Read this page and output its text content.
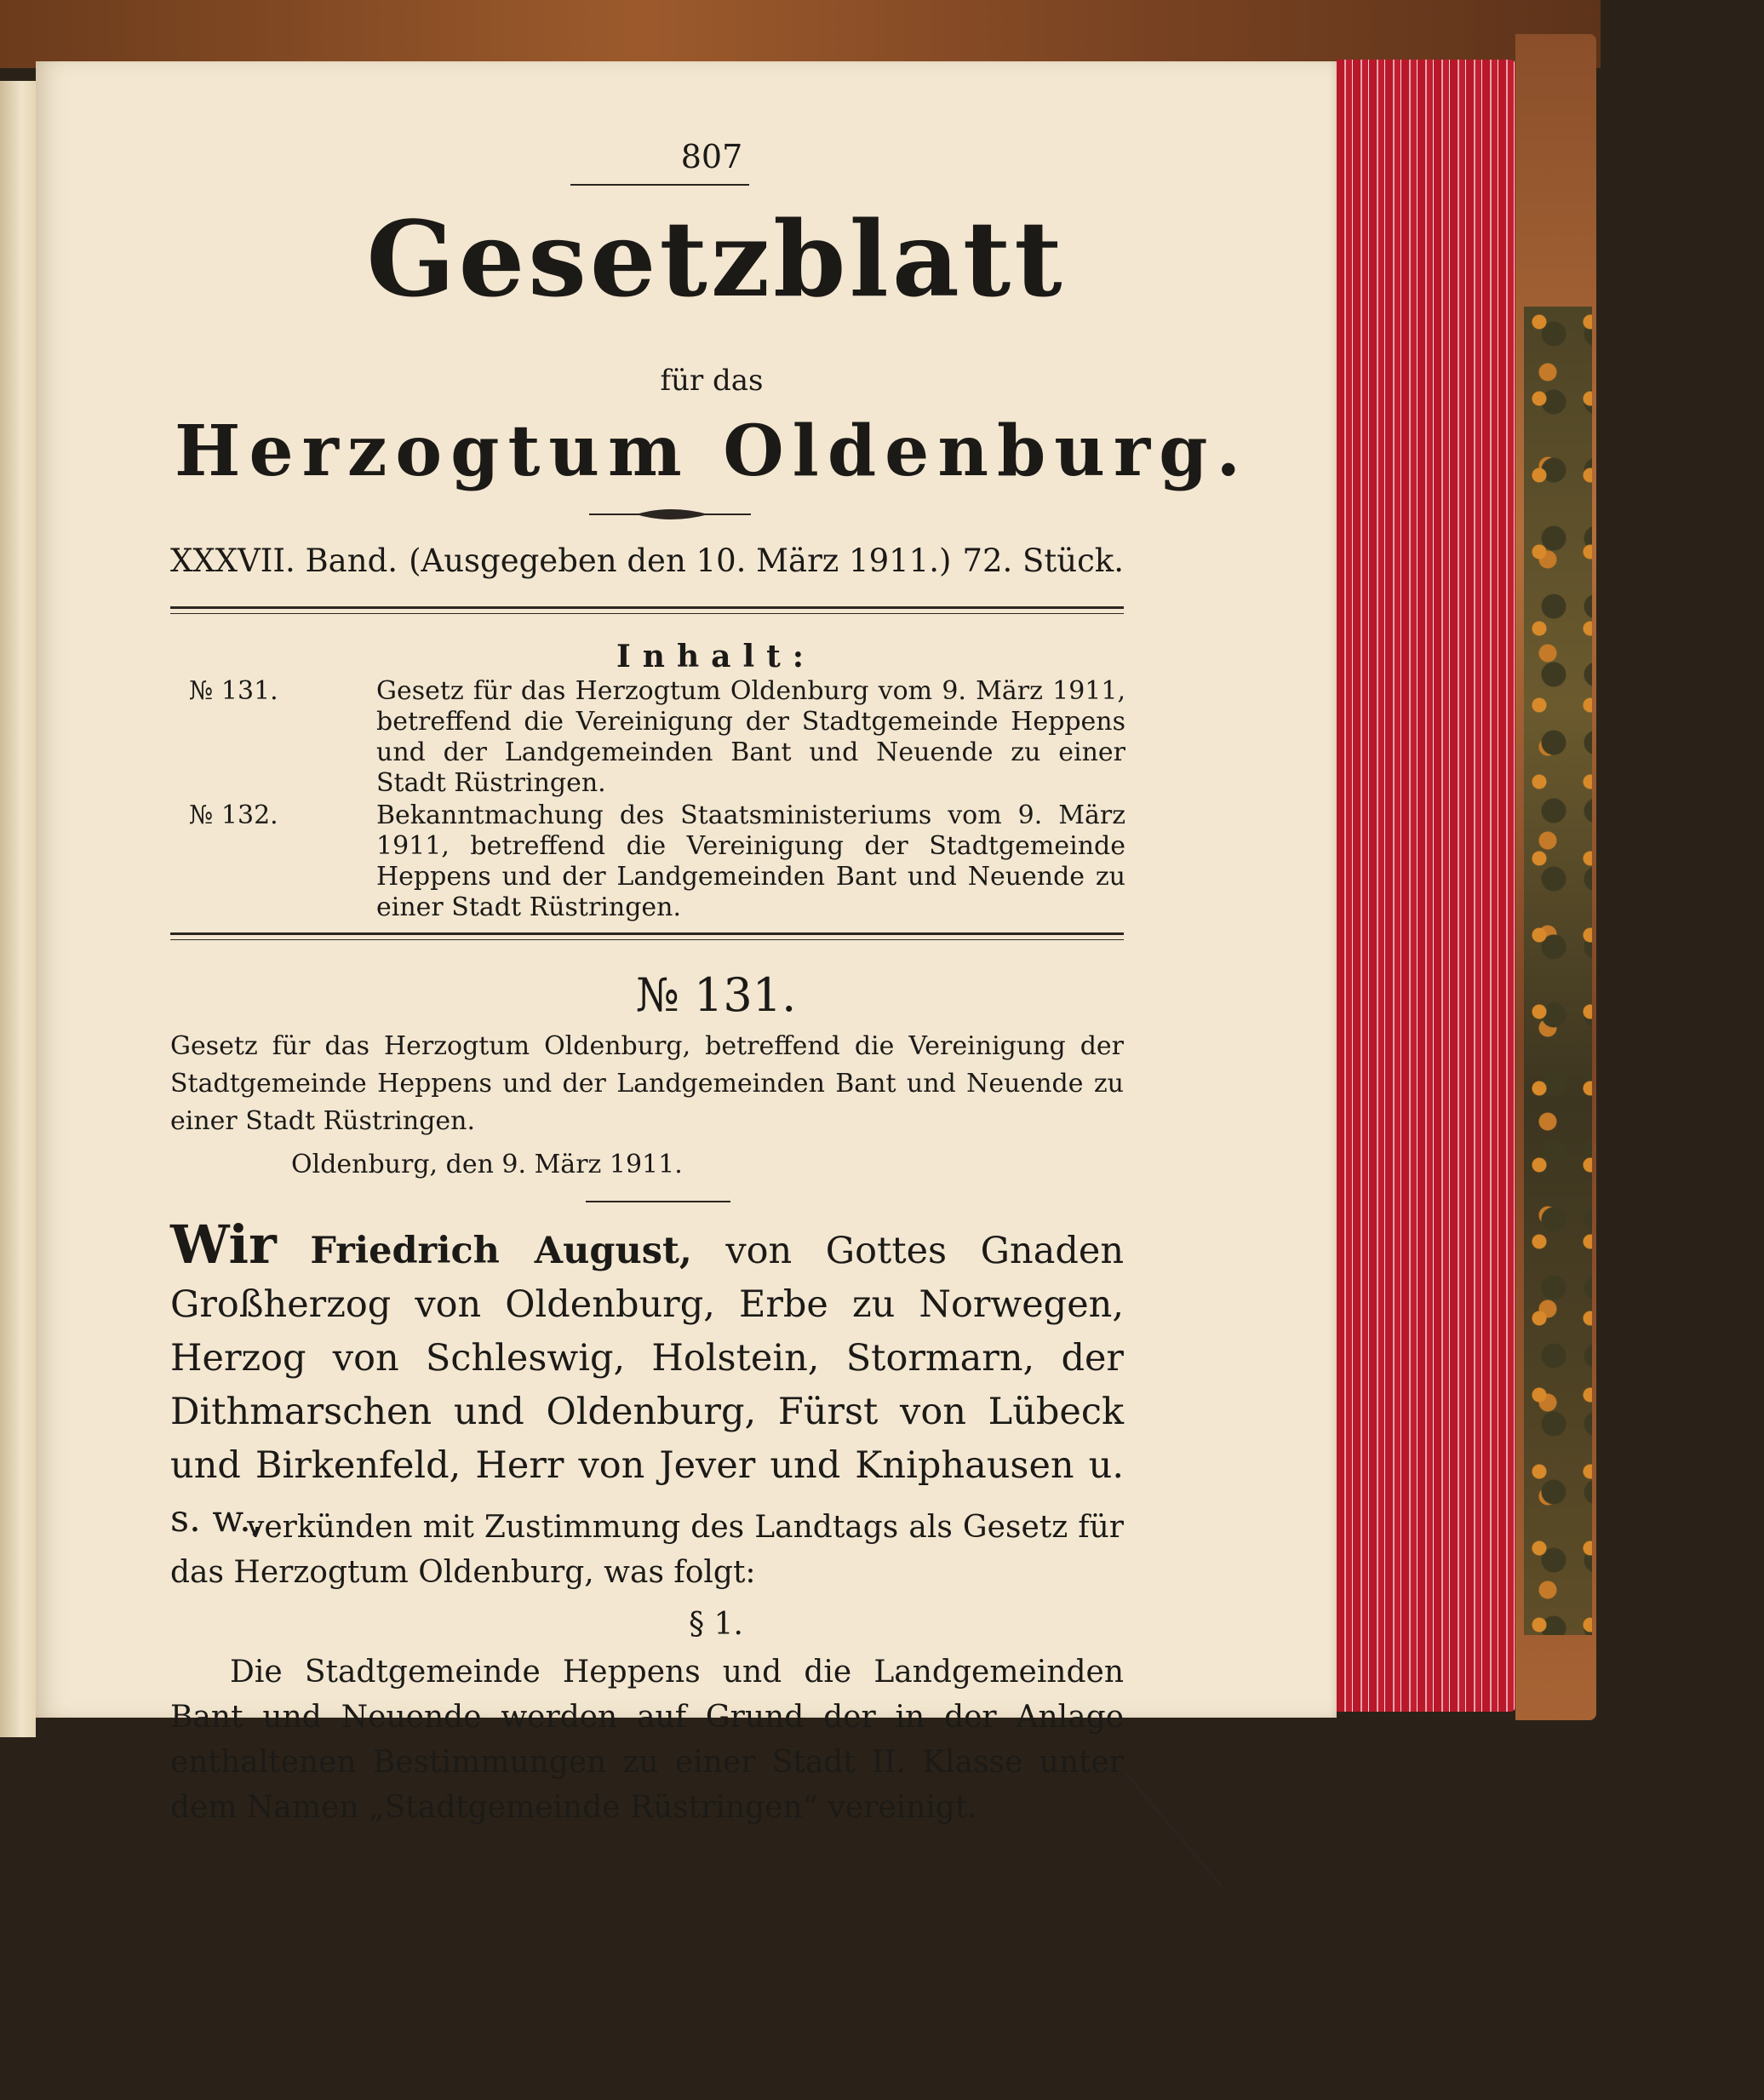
807
Gesetzblatt
für das
Herzogtum Oldenburg.
XXXVII. Band. (Ausgegeben den 10. März 1911.) 72. Stück.
Inhalt:
№ 131.	Gesetz für das Herzogtum Oldenburg vom 9. März 1911, betreffend die Vereinigung der Stadtgemeinde Heppens und der Landgemeinden Bant und Neuende zu einer Stadt Rüstringen.
№ 132.	Bekanntmachung des Staatsministeriums vom 9. März 1911, betreffend die Vereinigung der Stadtgemeinde Heppens und der Landgemeinden Bant und Neuende zu einer Stadt Rüstringen.
№ 131.
Gesetz für das Herzogtum Oldenburg, betreffend die Vereinigung der Stadtgemeinde Heppens und der Landgemeinden Bant und Neuende zu einer Stadt Rüstringen.
Oldenburg, den 9. März 1911.
Wir Friedrich August, von Gottes Gnaden Großherzog von Oldenburg, Erbe zu Norwegen, Herzog von Schleswig, Holstein, Stormarn, der Dithmarschen und Oldenburg, Fürst von Lübeck und Birkenfeld, Herr von Jever und Kniphausen u. s. w.,
verkünden mit Zustimmung des Landtags als Gesetz für das Herzogtum Oldenburg, was folgt:
§ 1.
Die Stadtgemeinde Heppens und die Landgemeinden Bant und Neuende werden auf Grund der in der Anlage enthaltenen Bestimmungen zu einer Stadt II. Klasse unter dem Namen „Stadtgemeinde Rüstringen“ vereinigt.
